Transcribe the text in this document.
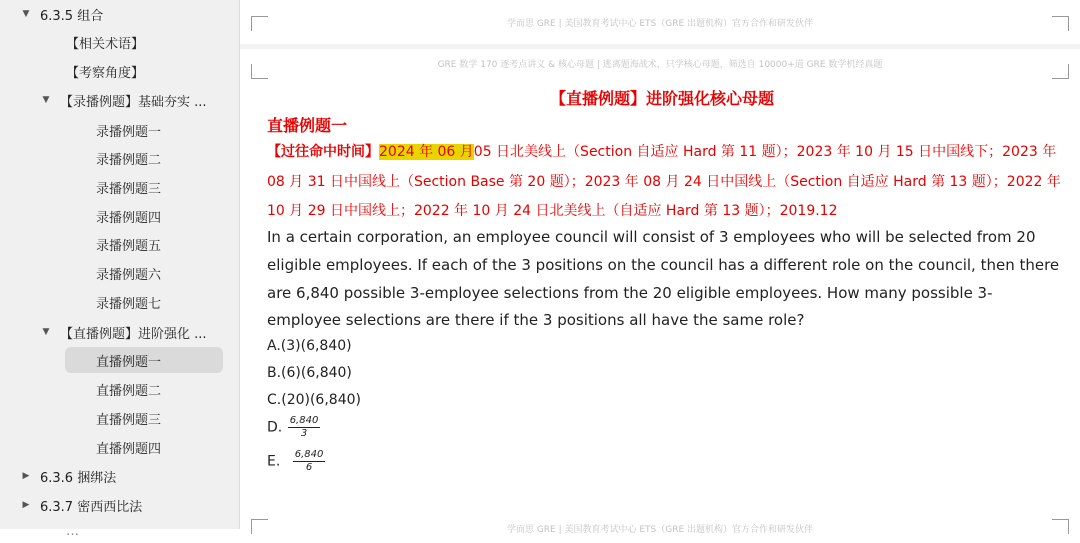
▼ 6.3.5 组合
【相关术语】
【考察角度】
▼ 【录播例题】基础夯实 ...
录播例题一
录播例题二
录播例题三
录播例题四
录播例题五
录播例题六
录播例题七
▼ 【直播例题】进阶强化 ...
直播例题一
直播例题二
直播例题三
直播例题四
▶ 6.3.6 捆绑法
▶ 6.3.7 密西西比法
…
学而思 GRE | 美国教育考试中心 ETS（GRE 出题机构）官方合作和研发伙伴
GRE 数学 170 逐考点讲义 & 核心母题 | 逃离题海战术，只学核心母题，筛选自 10000+道 GRE 数学机经真题
【直播例题】进阶强化核心母题
直播例题一
【过往命中时间】2024 年 06 月05 日北美线上（Section 自适应 Hard 第 11 题）；2023 年 10 月 15 日中国线下；2023 年
08 月 31 日中国线上（Section Base 第 20 题）；2023 年 08 月 24 日中国线上（Section 自适应 Hard 第 13 题）；2022 年
10 月 29 日中国线上；2022 年 10 月 24 日北美线上（自适应 Hard 第 13 题）；2019.12
In a certain corporation, an employee council will consist of 3 employees who will be selected from 20
eligible employees. If each of the 3 positions on the council has a different role on the council, then there
are 6,840 possible 3-employee selections from the 20 eligible employees. How many possible 3-
employee selections are there if the 3 positions all have the same role?
A.(3)(6,840)
B.(6)(6,840)
C.(20)(6,840)
D. $\frac{6,840}{3}$
E. $\frac{6,840}{6}$
学而思 GRE | 美国教育考试中心 ETS（GRE 出题机构）官方合作和研发伙伴
